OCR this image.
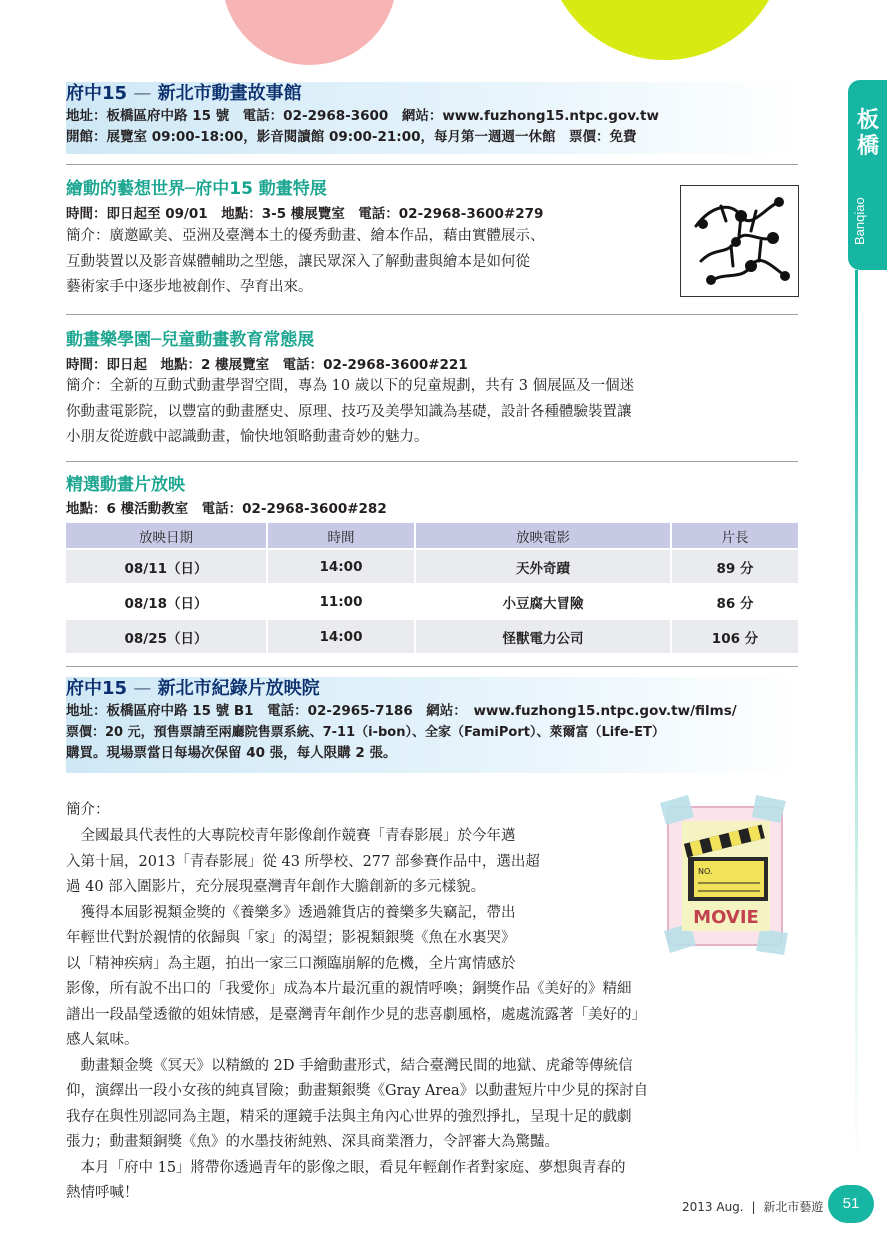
板橋
Banqiao
府中15 — 新北市動畫故事館
地址：板橋區府中路 15 號　電話：02-2968-3600　網站：www.fuzhong15.ntpc.gov.tw
開館：展覽室 09:00-18:00，影音閱讀館 09:00-21:00，每月第一週週一休館　票價：免費
繪動的藝想世界─府中15 動畫特展
時間：即日起至 09/01　地點：3-5 樓展覽室　電話：02-2968-3600#279
簡介：廣邀歐美、亞洲及臺灣本土的優秀動畫、繪本作品，藉由實體展示、
互動裝置以及影音媒體輔助之型態，讓民眾深入了解動畫與繪本是如何從
藝術家手中逐步地被創作、孕育出來。
動畫樂學園─兒童動畫教育常態展
時間：即日起　地點：2 樓展覽室　電話：02-2968-3600#221
簡介：全新的互動式動畫學習空間，專為 10 歲以下的兒童規劃，共有 3 個展區及一個迷
你動畫電影院，以豐富的動畫歷史、原理、技巧及美學知識為基礎，設計各種體驗裝置讓
小朋友從遊戲中認識動畫，愉快地領略動畫奇妙的魅力。
精選動畫片放映
地點：6 樓活動教室　電話：02-2968-3600#282
放映日期	時間	放映電影	片長
08/11（日）	14:00	天外奇蹟	89 分
08/18（日）	11:00	小豆腐大冒險	86 分
08/25（日）	14:00	怪獸電力公司	106 分
府中15 — 新北市紀錄片放映院
地址：板橋區府中路 15 號 B1　電話：02-2965-7186　網站：　www.fuzhong15.ntpc.gov.tw/films/
票價：20 元，預售票請至兩廳院售票系統、7-11（i-bon）、全家（FamiPort）、萊爾富（Life-ET）
購買。現場票當日每場次保留 40 張，每人限購 2 張。
簡介：
　全國最具代表性的大專院校青年影像創作競賽「青春影展」於今年邁
入第十屆，2013「青春影展」從 43 所學校、277 部參賽作品中，選出超
過 40 部入圍影片，充分展現臺灣青年創作大膽創新的多元樣貌。
　獲得本屆影視類金獎的《養樂多》透過雜貨店的養樂多失竊記，帶出
年輕世代對於親情的依歸與「家」的渴望；影視類銀獎《魚在水裏哭》
以「精神疾病」為主題，拍出一家三口瀕臨崩解的危機，全片寓情感於
影像，所有說不出口的「我愛你」成為本片最沉重的親情呼喚；銅獎作品《美好的》精細
譜出一段晶瑩透徹的姐妹情感，是臺灣青年創作少見的悲喜劇風格，處處流露著「美好的」
感人氣味。
　動畫類金獎《冥天》以精緻的 2D 手繪動畫形式，結合臺灣民間的地獄、虎爺等傳統信
仰，演繹出一段小女孩的純真冒險；動畫類銀獎《Gray Area》以動畫短片中少見的探討自
我存在與性別認同為主題，精采的運鏡手法與主角內心世界的強烈掙扎，呈現十足的戲劇
張力；動畫類銅獎《魚》的水墨技術純熟、深具商業潛力，令評審大為驚豔。
　本月「府中 15」將帶你透過青年的影像之眼，看見年輕創作者對家庭、夢想與青春的
熱情呼喊！
NO.
MOVIE
2013 Aug. | 新北市藝遊	51
